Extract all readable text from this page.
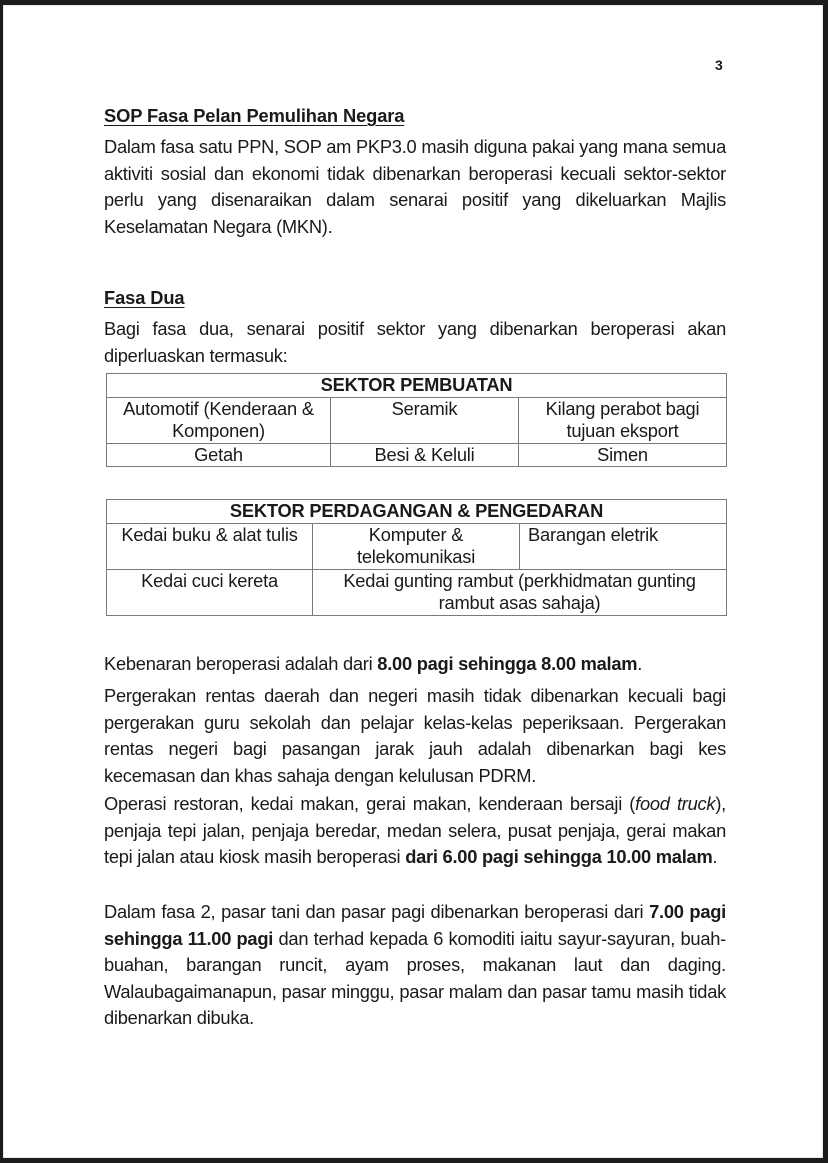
3
SOP Fasa Pelan Pemulihan Negara

Dalam fasa satu PPN, SOP am PKP3.0 masih diguna pakai yang mana semua aktiviti sosial dan ekonomi tidak dibenarkan beroperasi kecuali sektor-sektor perlu yang disenaraikan dalam senarai positif yang dikeluarkan Majlis Keselamatan Negara (MKN).

Fasa Dua

Bagi fasa dua, senarai positif sektor yang dibenarkan beroperasi akan diperluaskan termasuk:

SEKTOR PEMBUATAN		
Automotif (Kenderaan & Komponen)	Seramik	Kilang perabot bagi tujuan eksport
Getah	Besi & Keluli	Simen
SEKTOR PERDAGANGAN & PENGEDARAN		
Kedai buku & alat tulis	Komputer & telekomunikasi	Barangan eletrik
Kedai cuci kereta	Kedai gunting rambut (perkhidmatan gunting rambut asas sahaja)	

Kebenaran beroperasi adalah dari 8.00 pagi sehingga 8.00 malam.

Pergerakan rentas daerah dan negeri masih tidak dibenarkan kecuali bagi pergerakan guru sekolah dan pelajar kelas-kelas peperiksaan. Pergerakan rentas negeri bagi pasangan jarak jauh adalah dibenarkan bagi kes kecemasan dan khas sahaja dengan kelulusan PDRM.

Operasi restoran, kedai makan, gerai makan, kenderaan bersaji (food truck), penjaja tepi jalan, penjaja beredar, medan selera, pusat penjaja, gerai makan tepi jalan atau kiosk masih beroperasi dari 6.00 pagi sehingga 10.00 malam.

Dalam fasa 2, pasar tani dan pasar pagi dibenarkan beroperasi dari 7.00 pagi sehingga 11.00 pagi dan terhad kepada 6 komoditi iaitu sayur-sayuran, buah-buahan, barangan runcit, ayam proses, makanan laut dan daging. Walaubagaimanapun, pasar minggu, pasar malam dan pasar tamu masih tidak dibenarkan dibuka.
